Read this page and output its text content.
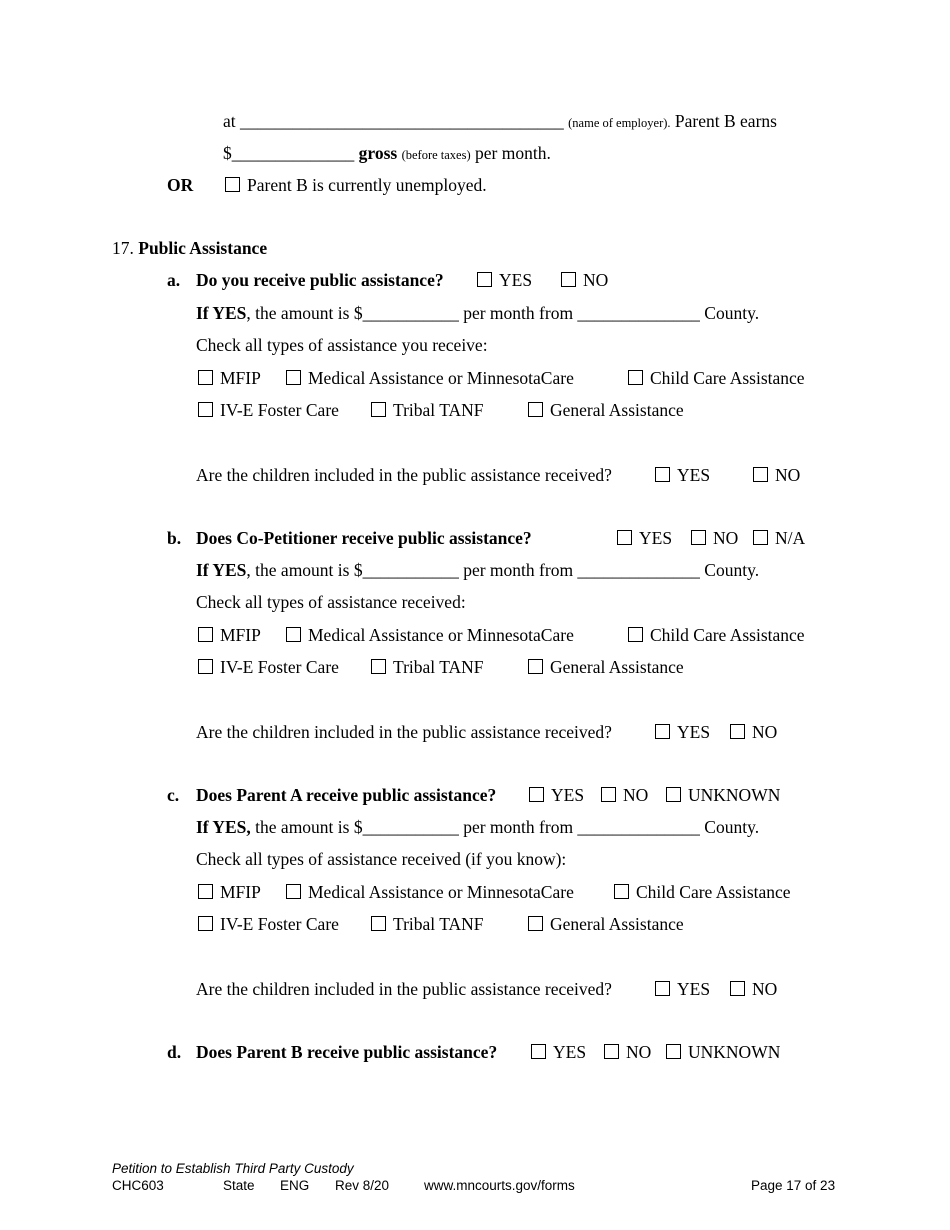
at _____________________________________ (name of employer). Parent B earns
$______________ gross (before taxes) per month.
OR	Parent B is currently unemployed.
17. Public Assistance
a. Do you receive public assistance?	YES	NO
If YES, the amount is $___________ per month from ______________ County.
Check all types of assistance you receive:
MFIP	Medical Assistance or MinnesotaCare	Child Care Assistance
IV-E Foster Care	Tribal TANF	General Assistance
Are the children included in the public assistance received?	YES	NO
b. Does Co-Petitioner receive public assistance?	YES	NO	N/A
If YES, the amount is $___________ per month from ______________ County.
Check all types of assistance received:
MFIP	Medical Assistance or MinnesotaCare	Child Care Assistance
IV-E Foster Care	Tribal TANF	General Assistance
Are the children included in the public assistance received?	YES	NO
c. Does Parent A receive public assistance?	YES	NO	UNKNOWN
If YES, the amount is $___________ per month from ______________ County.
Check all types of assistance received (if you know):
MFIP	Medical Assistance or MinnesotaCare	Child Care Assistance
IV-E Foster Care	Tribal TANF	General Assistance
Are the children included in the public assistance received?	YES	NO
d. Does Parent B receive public assistance?	YES	NO	UNKNOWN
Petition to Establish Third Party Custody
CHC603	State ENG Rev 8/20	www.mncourts.gov/forms	Page 17 of 23
